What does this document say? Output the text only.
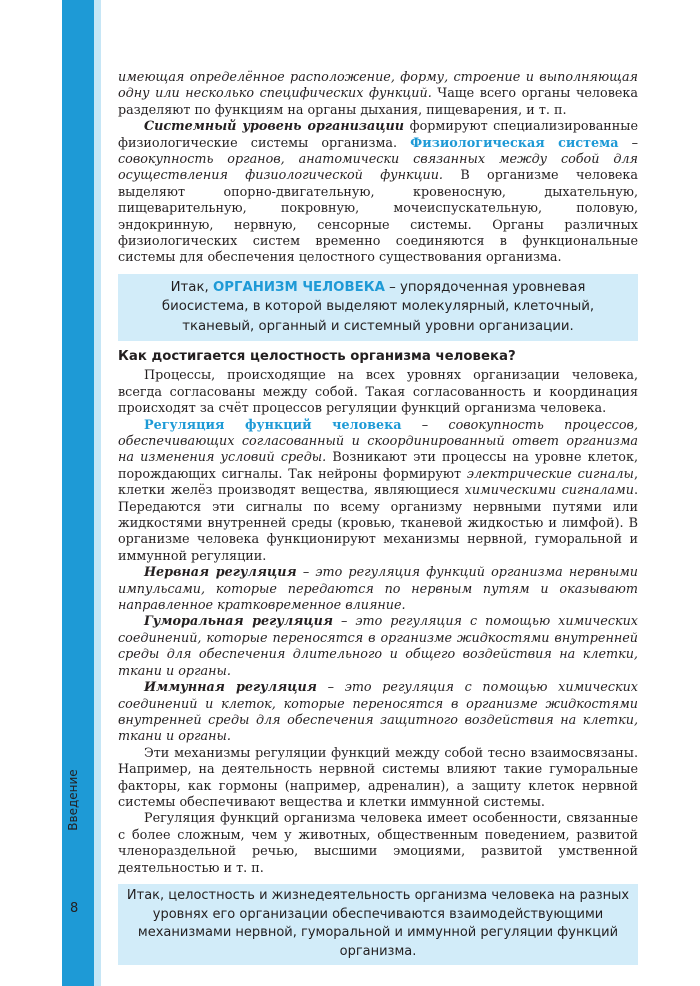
Введение
8

имеющая определённое расположение, форму, строение и выполняющая одну или несколько специфических функций. Чаще всего органы человека разделяют по функциям на органы дыхания, пищеварения, и т. п.

Системный уровень организации формируют специализированные физиологические системы организма. Физиологическая система – совокупность органов, анатомически связанных между собой для осуществления физиологической функции. В организме человека выделяют опорно-двигательную, кровеносную, дыхательную, пищеварительную, покровную, мочеиспускательную, половую, эндокринную, нервную, сенсорные системы. Органы различных физиологических систем временно соединяются в функциональные системы для обеспечения целостного существования организма.

Итак, ОРГАНИЗМ ЧЕЛОВЕКА – упорядоченная уровневая биосистема, в которой выделяют молекулярный, клеточный, тканевый, органный и системный уровни организации.
Как достигается целостность организма человека?

Процессы, происходящие на всех уровнях организации человека, всегда согласованы между собой. Такая согласованность и координация происходят за счёт процессов регуляции функций организма человека.

Регуляция функций человека – совокупность процессов, обеспечивающих согласованный и скоординированный ответ организма на изменения условий среды. Возникают эти процессы на уровне клеток, порождающих сигналы. Так нейроны формируют электрические сигналы, клетки желёз производят вещества, являющиеся химическими сигналами. Передаются эти сигналы по всему организму нервными путями или жидкостями внутренней среды (кровью, тканевой жидкостью и лимфой). В организме человека функционируют механизмы нервной, гуморальной и иммунной регуляции.

Нервная регуляция – это регуляция функций организма нервными импульсами, которые передаются по нервным путям и оказывают направленное кратковременное влияние.

Гуморальная регуляция – это регуляция с помощью химических соединений, которые переносятся в организме жидкостями внутренней среды для обеспечения длительного и общего воздействия на клетки, ткани и органы.

Иммунная регуляция – это регуляция с помощью химических соединений и клеток, которые переносятся в организме жидкостями внутренней среды для обеспечения защитного воздействия на клетки, ткани и органы.

Эти механизмы регуляции функций между собой тесно взаимосвязаны. Например, на деятельность нервной системы влияют такие гуморальные факторы, как гормоны (например, адреналин), а защиту клеток нервной системы обеспечивают вещества и клетки иммунной системы.

Регуляция функций организма человека имеет особенности, связанные с более сложным, чем у животных, общественным поведением, развитой членораздельной речью, высшими эмоциями, развитой умственной деятельностью и т. п.

Итак, целостность и жизнедеятельность организма человека на разных уровнях его организации обеспечиваются взаимодействующими механизмами нервной, гуморальной и иммунной регуляции функций организма.
